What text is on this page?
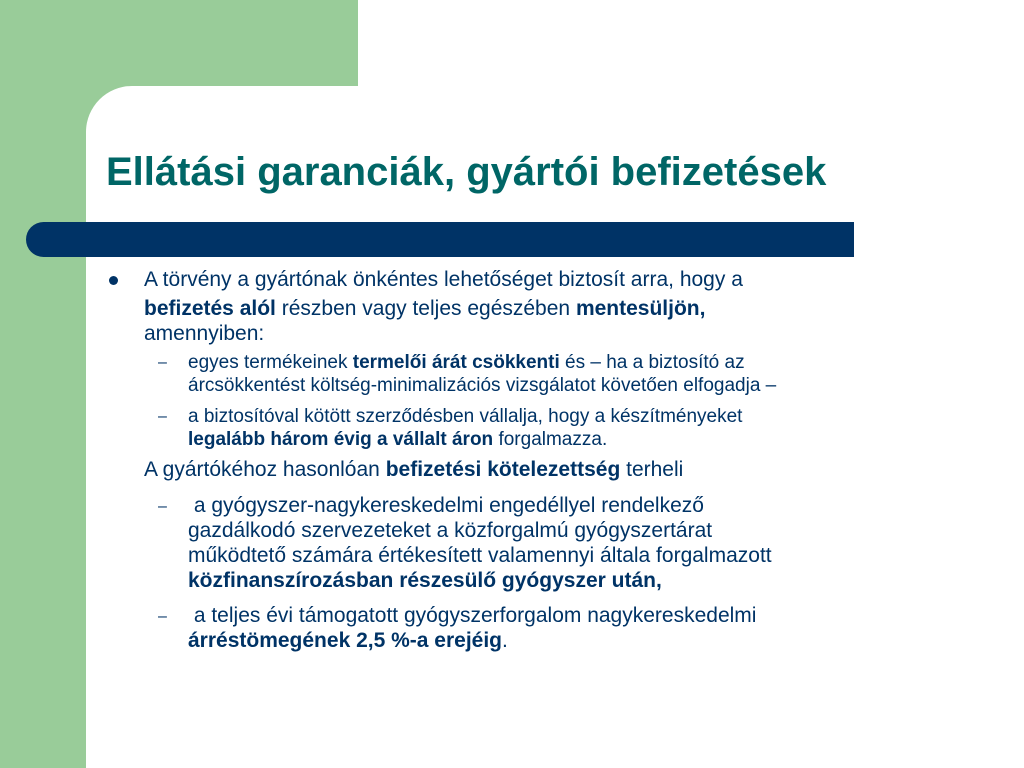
Ellátási garanciák, gyártói befizetések

A törvény a gyártónak önkéntes lehetőséget biztosít arra, hogy a

befizetés alól részben vagy teljes egészében mentesüljön,

amennyiben:

– egyes termékeinek termelői árát csökkenti és – ha a biztosító az

árcsökkentést költség-minimalizációs vizsgálatot követően elfogadja –

– a biztosítóval kötött szerződésben vállalja, hogy a készítményeket

legalább három évig a vállalt áron forgalmazza.

A gyártókéhoz hasonlóan befizetési kötelezettség terheli

– a gyógyszer-nagykereskedelmi engedéllyel rendelkező

gazdálkodó szervezeteket a közforgalmú gyógyszertárat

működtető számára értékesített valamennyi általa forgalmazott

közfinanszírozásban részesülő gyógyszer után,

– a teljes évi támogatott gyógyszerforgalom nagykereskedelmi

árréstömegének 2,5 %-a erejéig.
